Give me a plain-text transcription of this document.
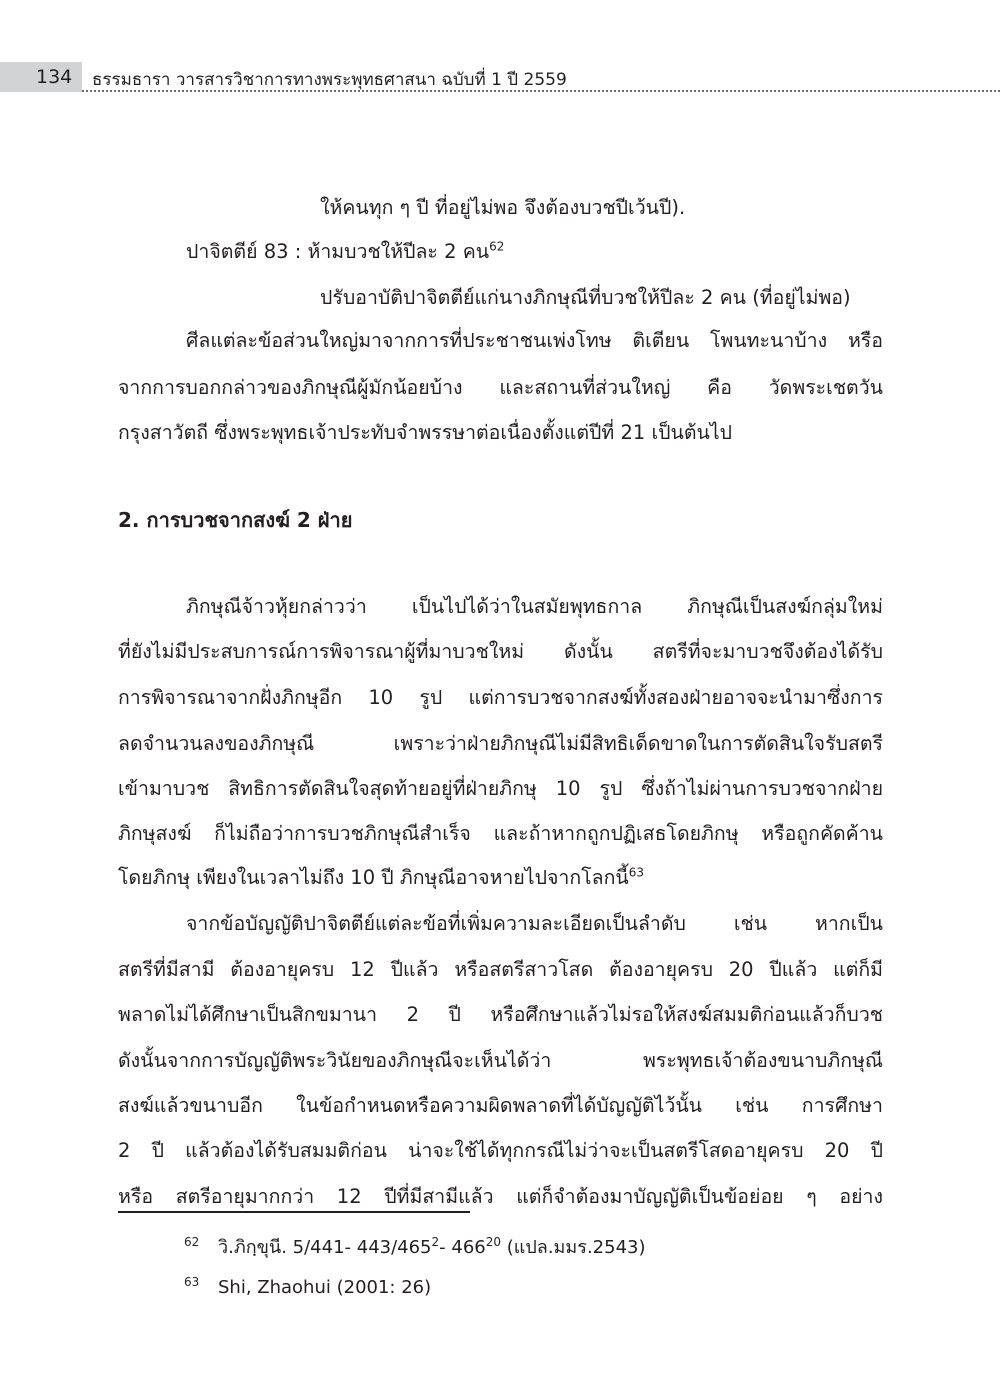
134 ธรรมธารา วารสารวิชาการทางพระพุทธศาสนา ฉบับที่ 1 ปี 2559
ให้คนทุก ๆ ปี ที่อยู่ไม่พอ จึงต้องบวชปีเว้นปี).
ปาจิตตีย์ 83 : ห้ามบวชให้ปีละ 2 คน$^{62}$
ปรับอาบัติปาจิตตีย์แก่นางภิกษุณีที่บวชให้ปีละ 2 คน (ที่อยู่ไม่พอ)
ศีลแต่ละข้อส่วนใหญ่มาจากการที่ประชาชนเพ่งโทษ ติเตียน โพนทะนาบ้าง หรือ
จากการบอกกล่าวของภิกษุณีผู้มักน้อยบ้าง และสถานที่ส่วนใหญ่ คือ วัดพระเชตวัน
กรุงสาวัตถี ซึ่งพระพุทธเจ้าประทับจำพรรษาต่อเนื่องตั้งแต่ปีที่ 21 เป็นต้นไป
2. การบวชจากสงฆ์ 2 ฝ่าย
ภิกษุณีจ้าวหุ้ยกล่าวว่า เป็นไปได้ว่าในสมัยพุทธกาล ภิกษุณีเป็นสงฆ์กลุ่มใหม่
ที่ยังไม่มีประสบการณ์การพิจารณาผู้ที่มาบวชใหม่ ดังนั้น สตรีที่จะมาบวชจึงต้องได้รับ
การพิจารณาจากฝั่งภิกษุอีก 10 รูป แต่การบวชจากสงฆ์ทั้งสองฝ่ายอาจจะนำมาซึ่งการ
ลดจำนวนลงของภิกษุณี เพราะว่าฝ่ายภิกษุณีไม่มีสิทธิเด็ดขาดในการตัดสินใจรับสตรี
เข้ามาบวช สิทธิการตัดสินใจสุดท้ายอยู่ที่ฝ่ายภิกษุ 10 รูป ซึ่งถ้าไม่ผ่านการบวชจากฝ่าย
ภิกษุสงฆ์ ก็ไม่ถือว่าการบวชภิกษุณีสำเร็จ และถ้าหากถูกปฏิเสธโดยภิกษุ หรือถูกคัดค้าน
โดยภิกษุ เพียงในเวลาไม่ถึง 10 ปี ภิกษุณีอาจหายไปจากโลกนี้$^{63}$
จากข้อบัญญัติปาจิตตีย์แต่ละข้อที่เพิ่มความละเอียดเป็นลำดับ เช่น หากเป็น
สตรีที่มีสามี ต้องอายุครบ 12 ปีแล้ว หรือสตรีสาวโสด ต้องอายุครบ 20 ปีแล้ว แต่ก็มี
พลาดไม่ได้ศึกษาเป็นสิกขมานา 2 ปี หรือศึกษาแล้วไม่รอให้สงฆ์สมมติก่อนแล้วก็บวช
ดังนั้นจากการบัญญัติพระวินัยของภิกษุณีจะเห็นได้ว่า พระพุทธเจ้าต้องขนาบภิกษุณี
สงฆ์แล้วขนาบอีก ในข้อกำหนดหรือความผิดพลาดที่ได้บัญญัติไว้นั้น เช่น การศึกษา
2 ปี แล้วต้องได้รับสมมติก่อน น่าจะใช้ได้ทุกกรณีไม่ว่าจะเป็นสตรีโสดอายุครบ 20 ปี
หรือ สตรีอายุมากกว่า 12 ปีที่มีสามีแล้ว แต่ก็จำต้องมาบัญญัติเป็นข้อย่อย ๆ อย่าง
62 วิ.ภิกฺขุนี. 5/441- $443/465^2-$ $466^{20}$ (แปล.มมร.2543)
63 Shi, Zhaohui (2001: 26)
